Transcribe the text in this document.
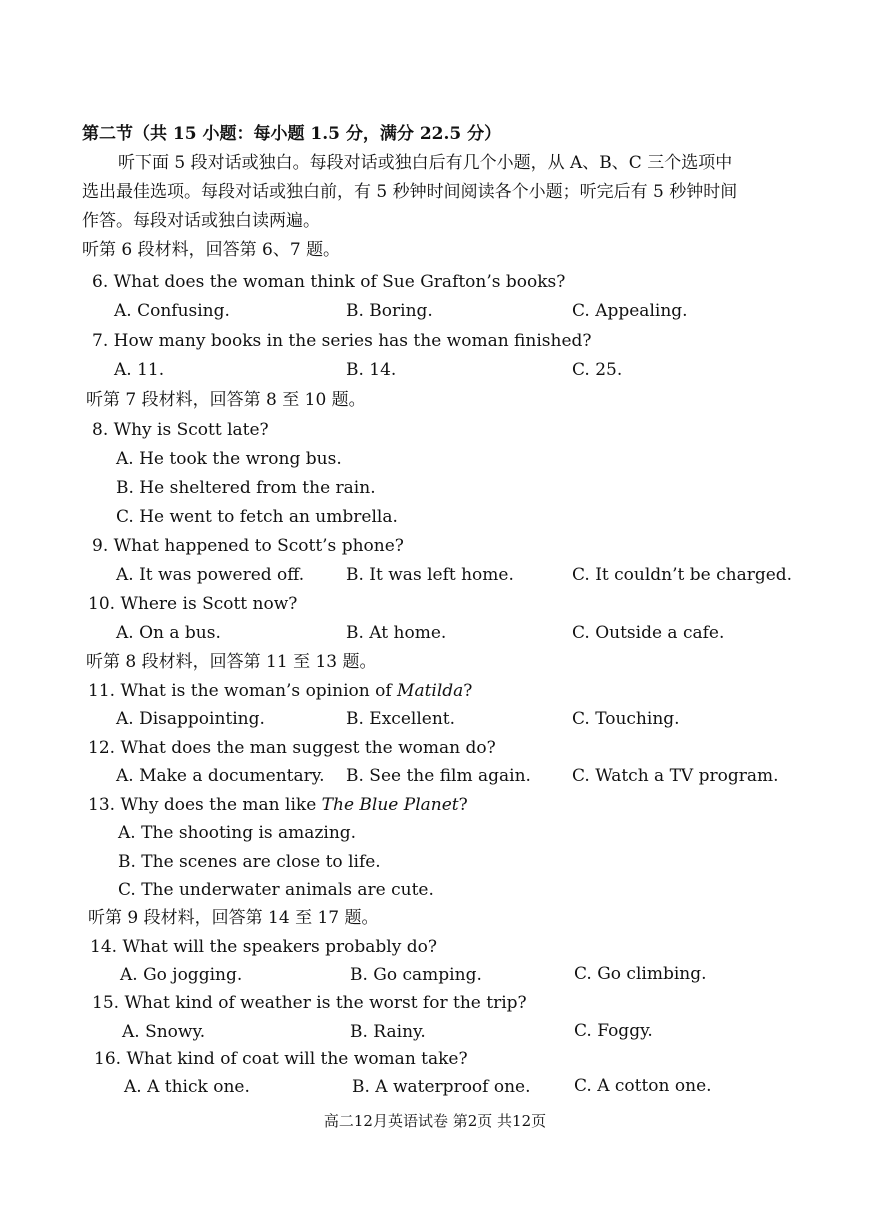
第二节（共 15 小题：每小题 1.5 分，满分 22.5 分）
听下面 5 段对话或独白。每段对话或独白后有几个小题，从 A、B、C 三个选项中
选出最佳选项。每段对话或独白前，有 5 秒钟时间阅读各个小题；听完后有 5 秒钟时间
作答。每段对话或独白读两遍。
听第 6 段材料，回答第 6、7 题。
6. What does the woman think of Sue Grafton’s books?
A. Confusing.	B. Boring.	C. Appealing.
7. How many books in the series has the woman finished?
A. 11.	B. 14.	C. 25.
听第 7 段材料，回答第 8 至 10 题。
8. Why is Scott late?
A. He took the wrong bus.
B. He sheltered from the rain.
C. He went to fetch an umbrella.
9. What happened to Scott’s phone?
A. It was powered off. B. It was left home.	C. It couldn’t be charged.
10. Where is Scott now?
A. On a bus.	B. At home.	C. Outside a cafe.
听第 8 段材料，回答第 11 至 13 题。
11. What is the woman’s opinion of Matilda?
A. Disappointing.	B. Excellent.	C. Touching.
12. What does the man suggest the woman do?
A. Make a documentary. B. See the film again. C. Watch a TV program.
13. Why does the man like The Blue Planet?
A. The shooting is amazing.
B. The scenes are close to life.
C. The underwater animals are cute.
听第 9 段材料，回答第 14 至 17 题。
14. What will the speakers probably do?
A. Go jogging.	B. Go camping.	C. Go climbing.
15. What kind of weather is the worst for the trip?
A. Snowy.	B. Rainy.	C. Foggy.
16. What kind of coat will the woman take?
A. A thick one.	B. A waterproof one.	C. A cotton one.
高二12月英语试卷 第2页 共12页
